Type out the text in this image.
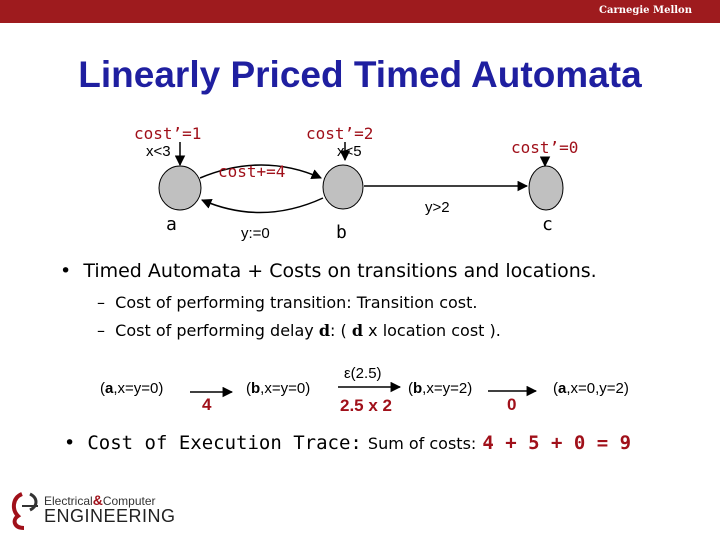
Carnegie Mellon
Linearly Priced Timed Automata
cost’=1
x<3
cost’=2
x<5	cost’=0
cost+=4
y:=0
y>2
a	b	c
• Timed Automata + Costs on transitions and locations.
– Cost of performing transition: Transition cost.
– Cost of performing delay d: ( d x location cost ).
(a,x=y=0)
4
(b,x=y=0)
ε(2.5)
2.5 x 2
(b,x=y=2)
0
(a,x=0,y=2)
• Cost of Execution Trace: Sum of costs: 4 + 5 + 0 = 9
Electrical&Computer
ENGINEERING
